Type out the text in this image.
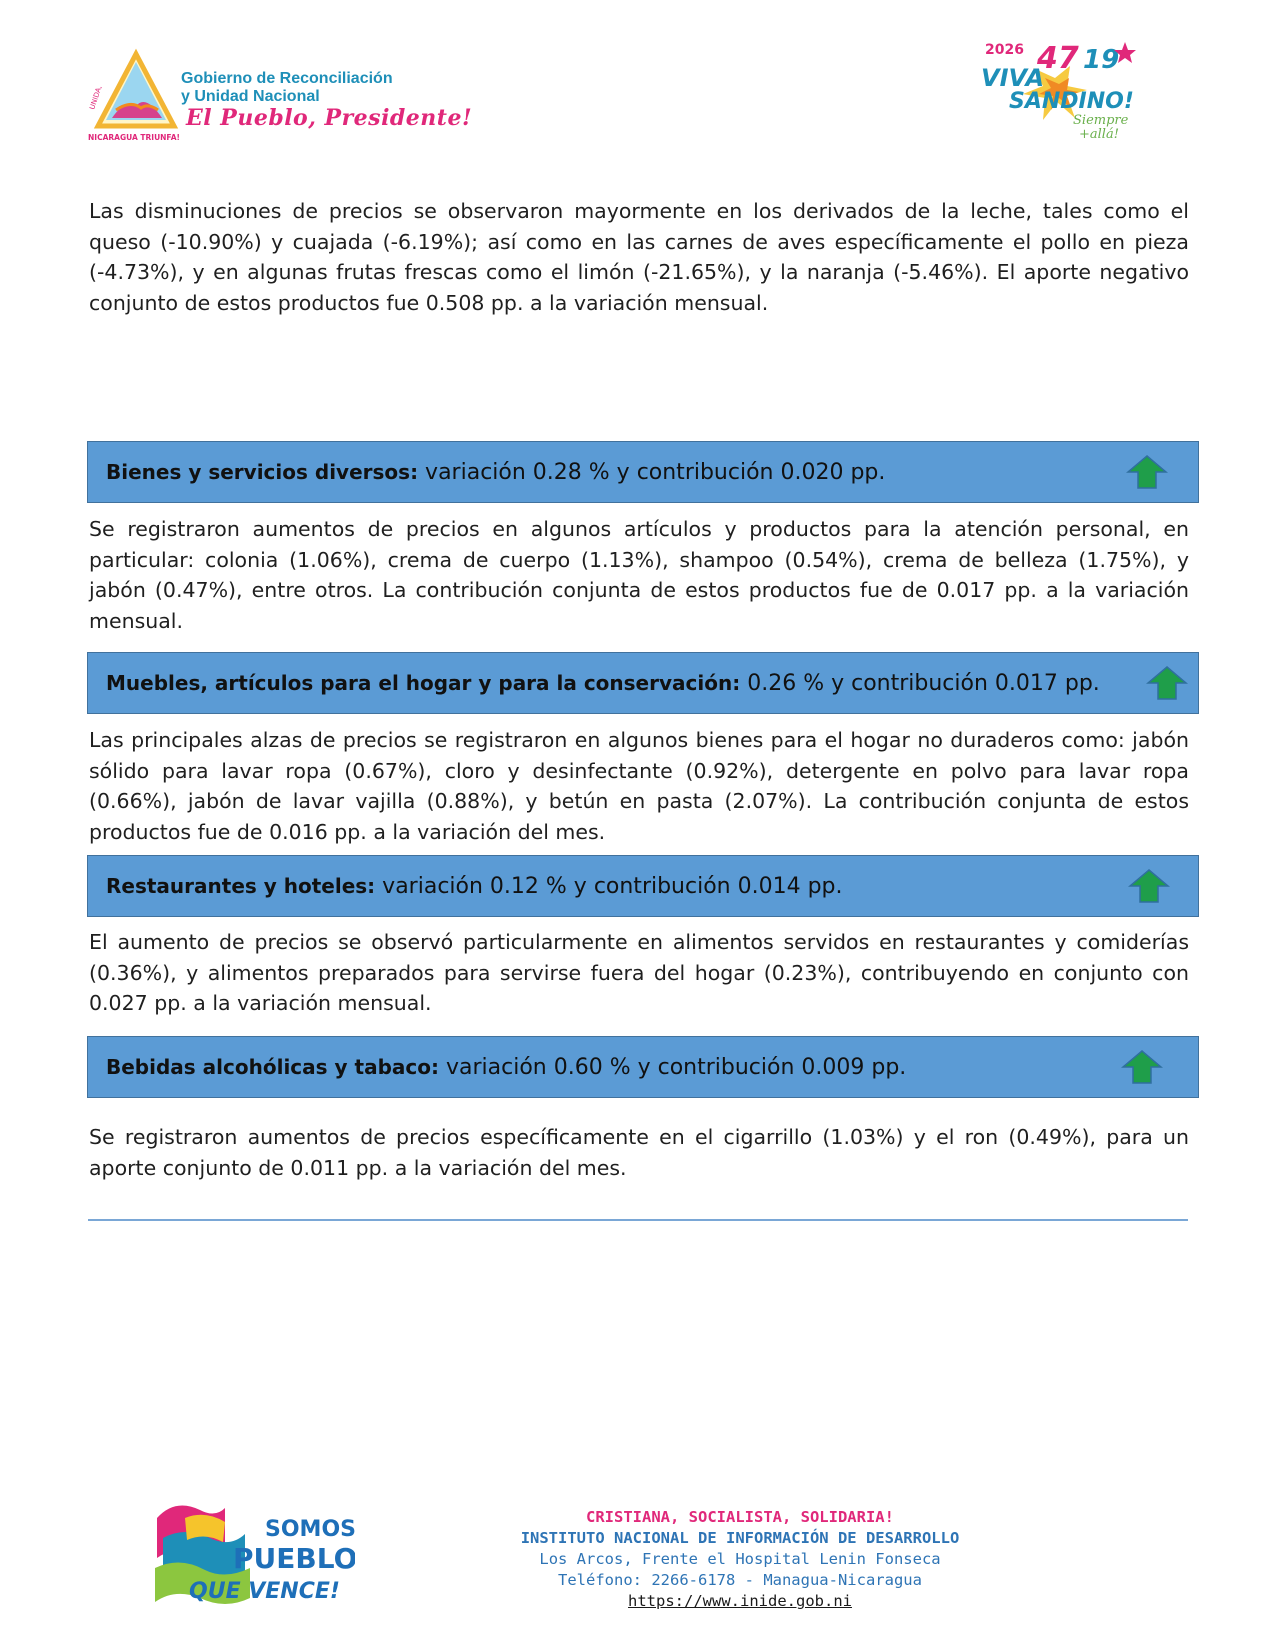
UNIDA,
NICARAGUA TRIUNFA!
Gobierno de Reconciliación
y Unidad Nacional
El Pueblo, Presidente!
2026 47 19
VIVA
SANDINO!
Siempre
+allá!

Las disminuciones de precios se observaron mayormente en los derivados de la leche, tales como el queso (-10.90%) y cuajada (-6.19%); así como en las carnes de aves específicamente el pollo en pieza (-4.73%), y en algunas frutas frescas como el limón (-21.65%), y la naranja (-5.46%). El aporte negativo conjunto de estos productos fue 0.508 pp. a la variación mensual.

Bienes y servicios diversos: variación 0.28 % y contribución 0.020 pp.

Se registraron aumentos de precios en algunos artículos y productos para la atención personal, en particular: colonia (1.06%), crema de cuerpo (1.13%), shampoo (0.54%), crema de belleza (1.75%), y jabón (0.47%), entre otros. La contribución conjunta de estos productos fue de 0.017 pp. a la variación mensual.

Muebles, artículos para el hogar y para la conservación: 0.26 % y contribución 0.017 pp.

Las principales alzas de precios se registraron en algunos bienes para el hogar no duraderos como: jabón sólido para lavar ropa (0.67%), cloro y desinfectante (0.92%), detergente en polvo para lavar ropa (0.66%), jabón de lavar vajilla (0.88%), y betún en pasta (2.07%). La contribución conjunta de estos productos fue de 0.016 pp. a la variación del mes.

Restaurantes y hoteles: variación 0.12 % y contribución 0.014 pp.

El aumento de precios se observó particularmente en alimentos servidos en restaurantes y comiderías (0.36%), y alimentos preparados para servirse fuera del hogar (0.23%), contribuyendo en conjunto con 0.027 pp. a la variación mensual.

Bebidas alcohólicas y tabaco: variación 0.60 % y contribución 0.009 pp.

Se registraron aumentos de precios específicamente en el cigarrillo (1.03%) y el ron (0.49%), para un aporte conjunto de 0.011 pp. a la variación del mes.

SOMOS
PUEBLO
QUE VENCE!
CRISTIANA, SOCIALISTA, SOLIDARIA!
INSTITUTO NACIONAL DE INFORMACIÓN DE DESARROLLO
Los Arcos, Frente el Hospital Lenin Fonseca
Teléfono: 2266-6178 - Managua-Nicaragua
https://www.inide.gob.ni
